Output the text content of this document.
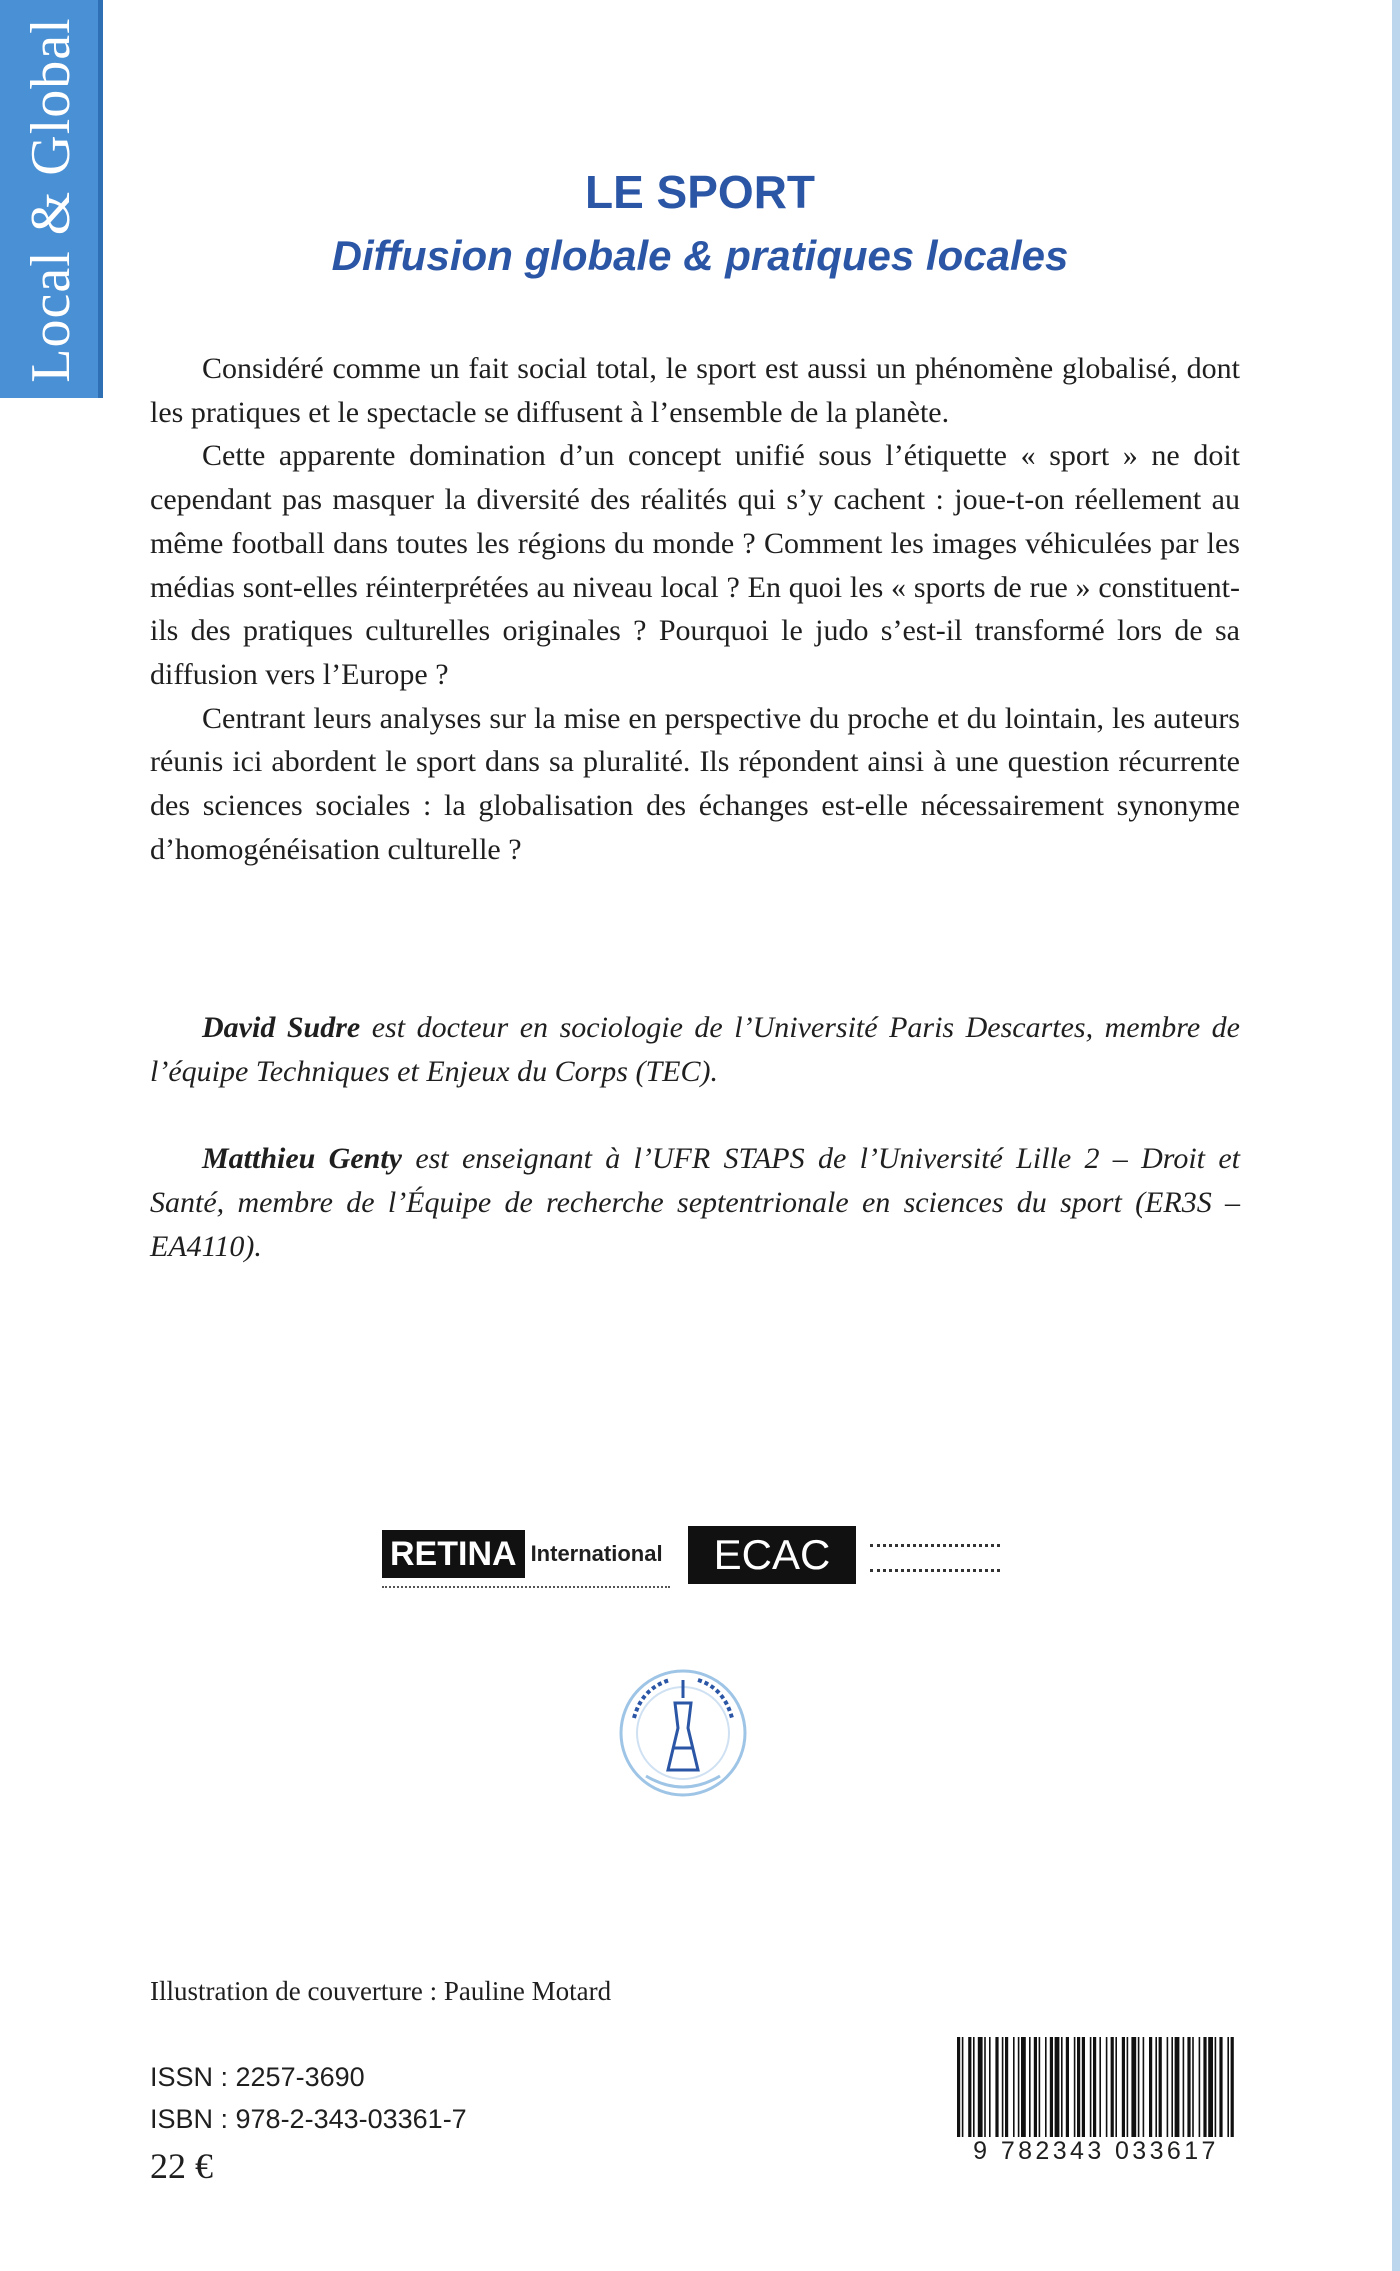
Local & Global	LE SPORT
Diffusion globale & pratiques locales

Considéré comme un fait social total, le sport est aussi un phénomène globalisé, dont les pratiques et le spectacle se diffusent à l’ensemble de la planète.

Cette apparente domination d’un concept unifié sous l’étiquette « sport » ne doit cependant pas masquer la diversité des réalités qui s’y cachent : joue-t-on réellement au même football dans toutes les régions du monde ? Comment les images véhiculées par les médias sont-elles réinterprétées au niveau local ? En quoi les « sports de rue » constituent-ils des pratiques culturelles originales ? Pourquoi le judo s’est-il transformé lors de sa diffusion vers l’Europe ?

Centrant leurs analyses sur la mise en perspective du proche et du lointain, les auteurs réunis ici abordent le sport dans sa pluralité. Ils répondent ainsi à une question récurrente des sciences sociales : la globalisation des échanges est-elle nécessairement synonyme d’homogénéisation culturelle ?

David Sudre est docteur en sociologie de l’Université Paris Descartes, membre de l’équipe Techniques et Enjeux du Corps (TEC).

Matthieu Genty est enseignant à l’UFR STAPS de l’Université Lille 2 – Droit et Santé, membre de l’Équipe de recherche septentrionale en sciences du sport (ER3S – EA4110).

RETINA International	ECAC
Illustration de couverture : Pauline Motard
ISSN : 2257-3690
ISBN : 978-2-343-03361-7
22 €	9 782343 033617
